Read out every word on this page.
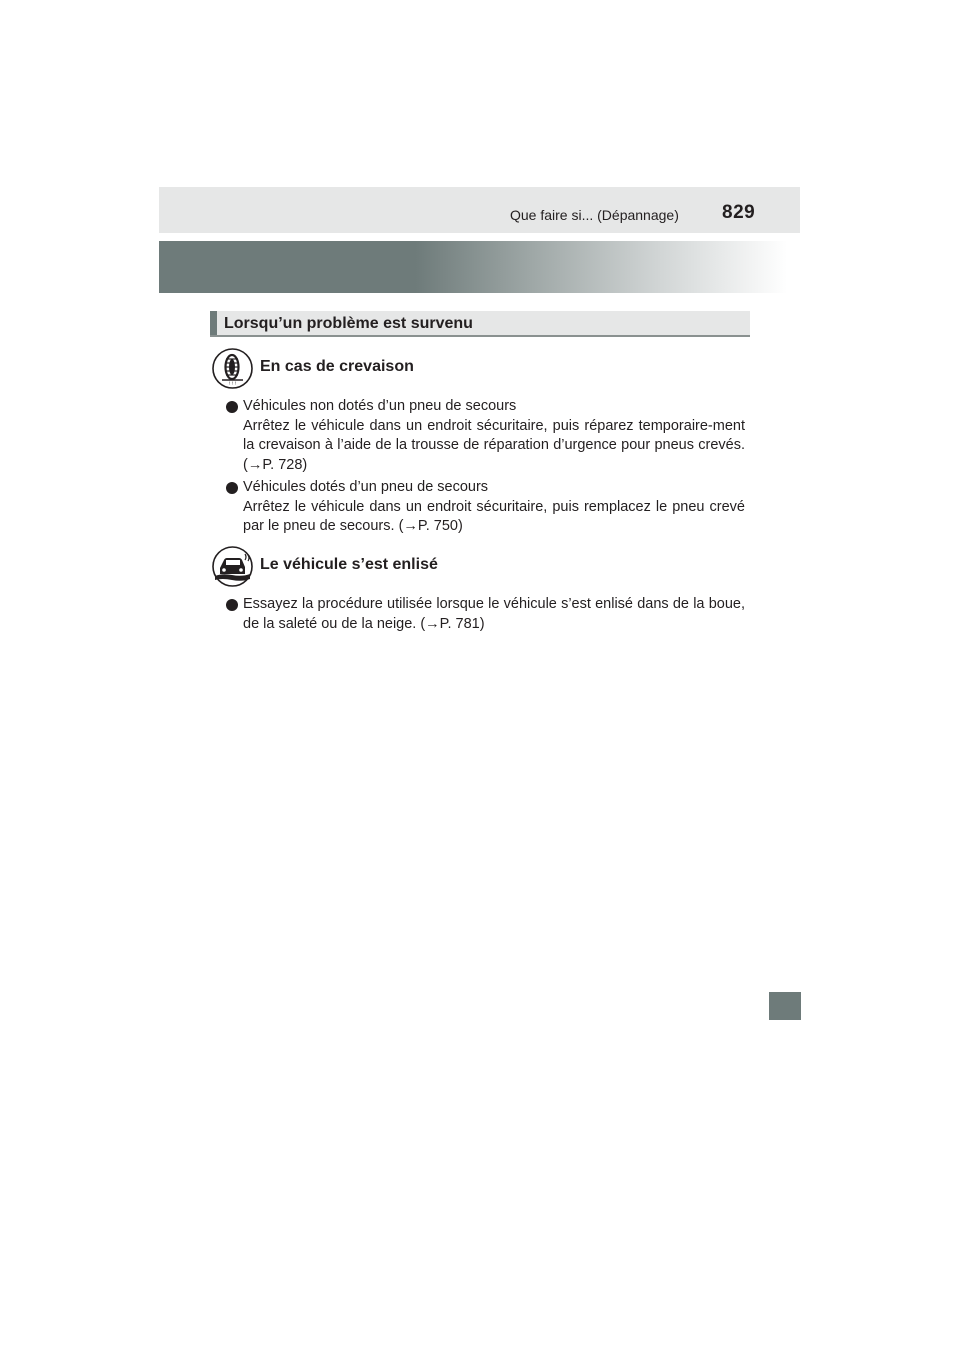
Que faire si... (Dépannage) 829
Lorsqu’un problème est survenu
! ! !
En cas de crevaison
Véhicules non dotés d’un pneu de secours
Arrêtez le véhicule dans un endroit sécuritaire, puis réparez temporaire-ment la crevaison à l’aide de la trousse de réparation d’urgence pour pneus crevés. (→P. 728)
Véhicules dotés d’un pneu de secours
Arrêtez le véhicule dans un endroit sécuritaire, puis remplacez le pneu crevé par le pneu de secours. (→P. 750)
Le véhicule s’est enlisé
Essayez la procédure utilisée lorsque le véhicule s’est enlisé dans de la boue, de la saleté ou de la neige. (→P. 781)
